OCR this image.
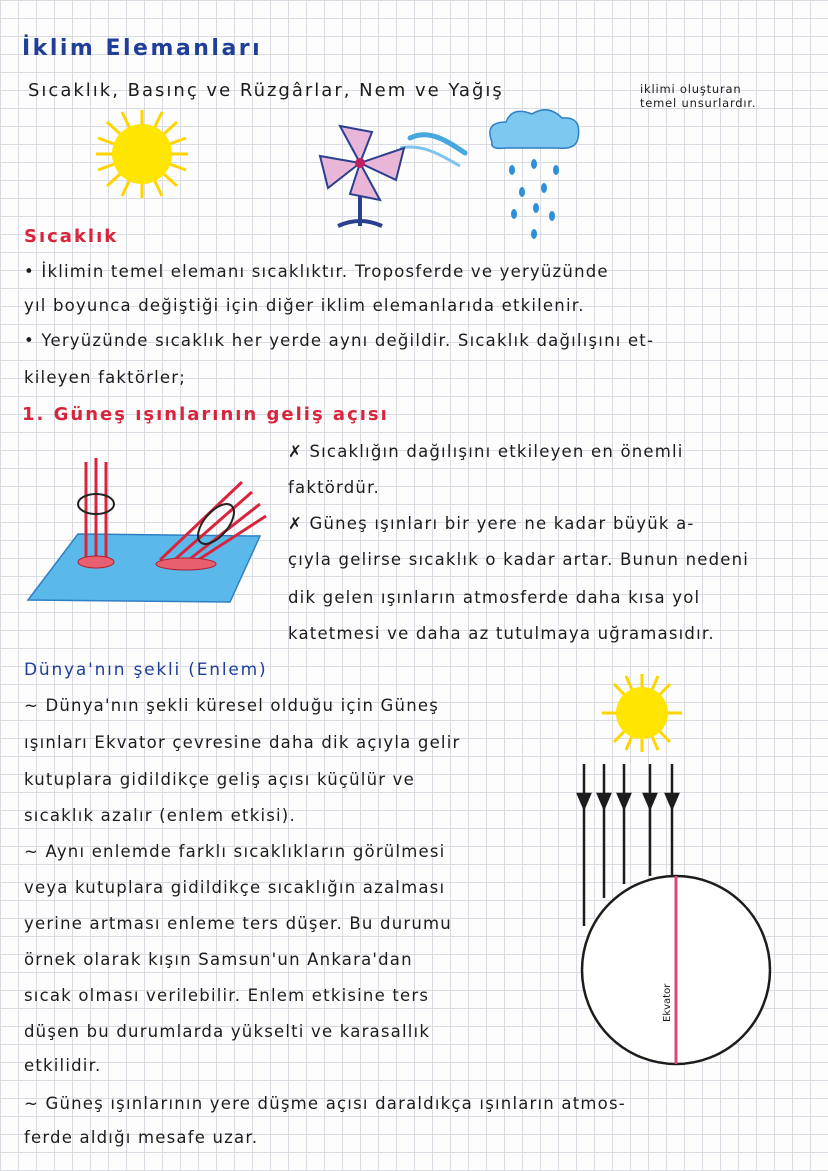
İklim Elemanları
Sıcaklık, Basınç ve Rüzgârlar, Nem ve Yağış	iklimi oluşturan
temel unsurlardır.
Sıcaklık
• İklimin temel elemanı sıcaklıktır. Troposferde ve yeryüzünde
yıl boyunca değiştiği için diğer iklim elemanlarıda etkilenir.
• Yeryüzünde sıcaklık her yerde aynı değildir. Sıcaklık dağılışını et-
kileyen faktörler;
1. Güneş ışınlarının geliş açısı
✗ Sıcaklığın dağılışını etkileyen en önemli
faktördür.
✗ Güneş ışınları bir yere ne kadar büyük a-
çıyla gelirse sıcaklık o kadar artar. Bunun nedeni
dik gelen ışınların atmosferde daha kısa yol
katetmesi ve daha az tutulmaya uğramasıdır.
Dünya'nın şekli (Enlem)
~ Dünya'nın şekli küresel olduğu için Güneş
ışınları Ekvator çevresine daha dik açıyla gelir
kutuplara gidildikçe geliş açısı küçülür ve
sıcaklık azalır (enlem etkisi).
~ Aynı enlemde farklı sıcaklıkların görülmesi
veya kutuplara gidildikçe sıcaklığın azalması
yerine artması enleme ters düşer. Bu durumu
örnek olarak kışın Samsun'un Ankara'dan
sıcak olması verilebilir. Enlem etkisine ters
düşen bu durumlarda yükselti ve karasallık
etkilidir.
Ekvator
~ Güneş ışınlarının yere düşme açısı daraldıkça ışınların atmos-
ferde aldığı mesafe uzar.
